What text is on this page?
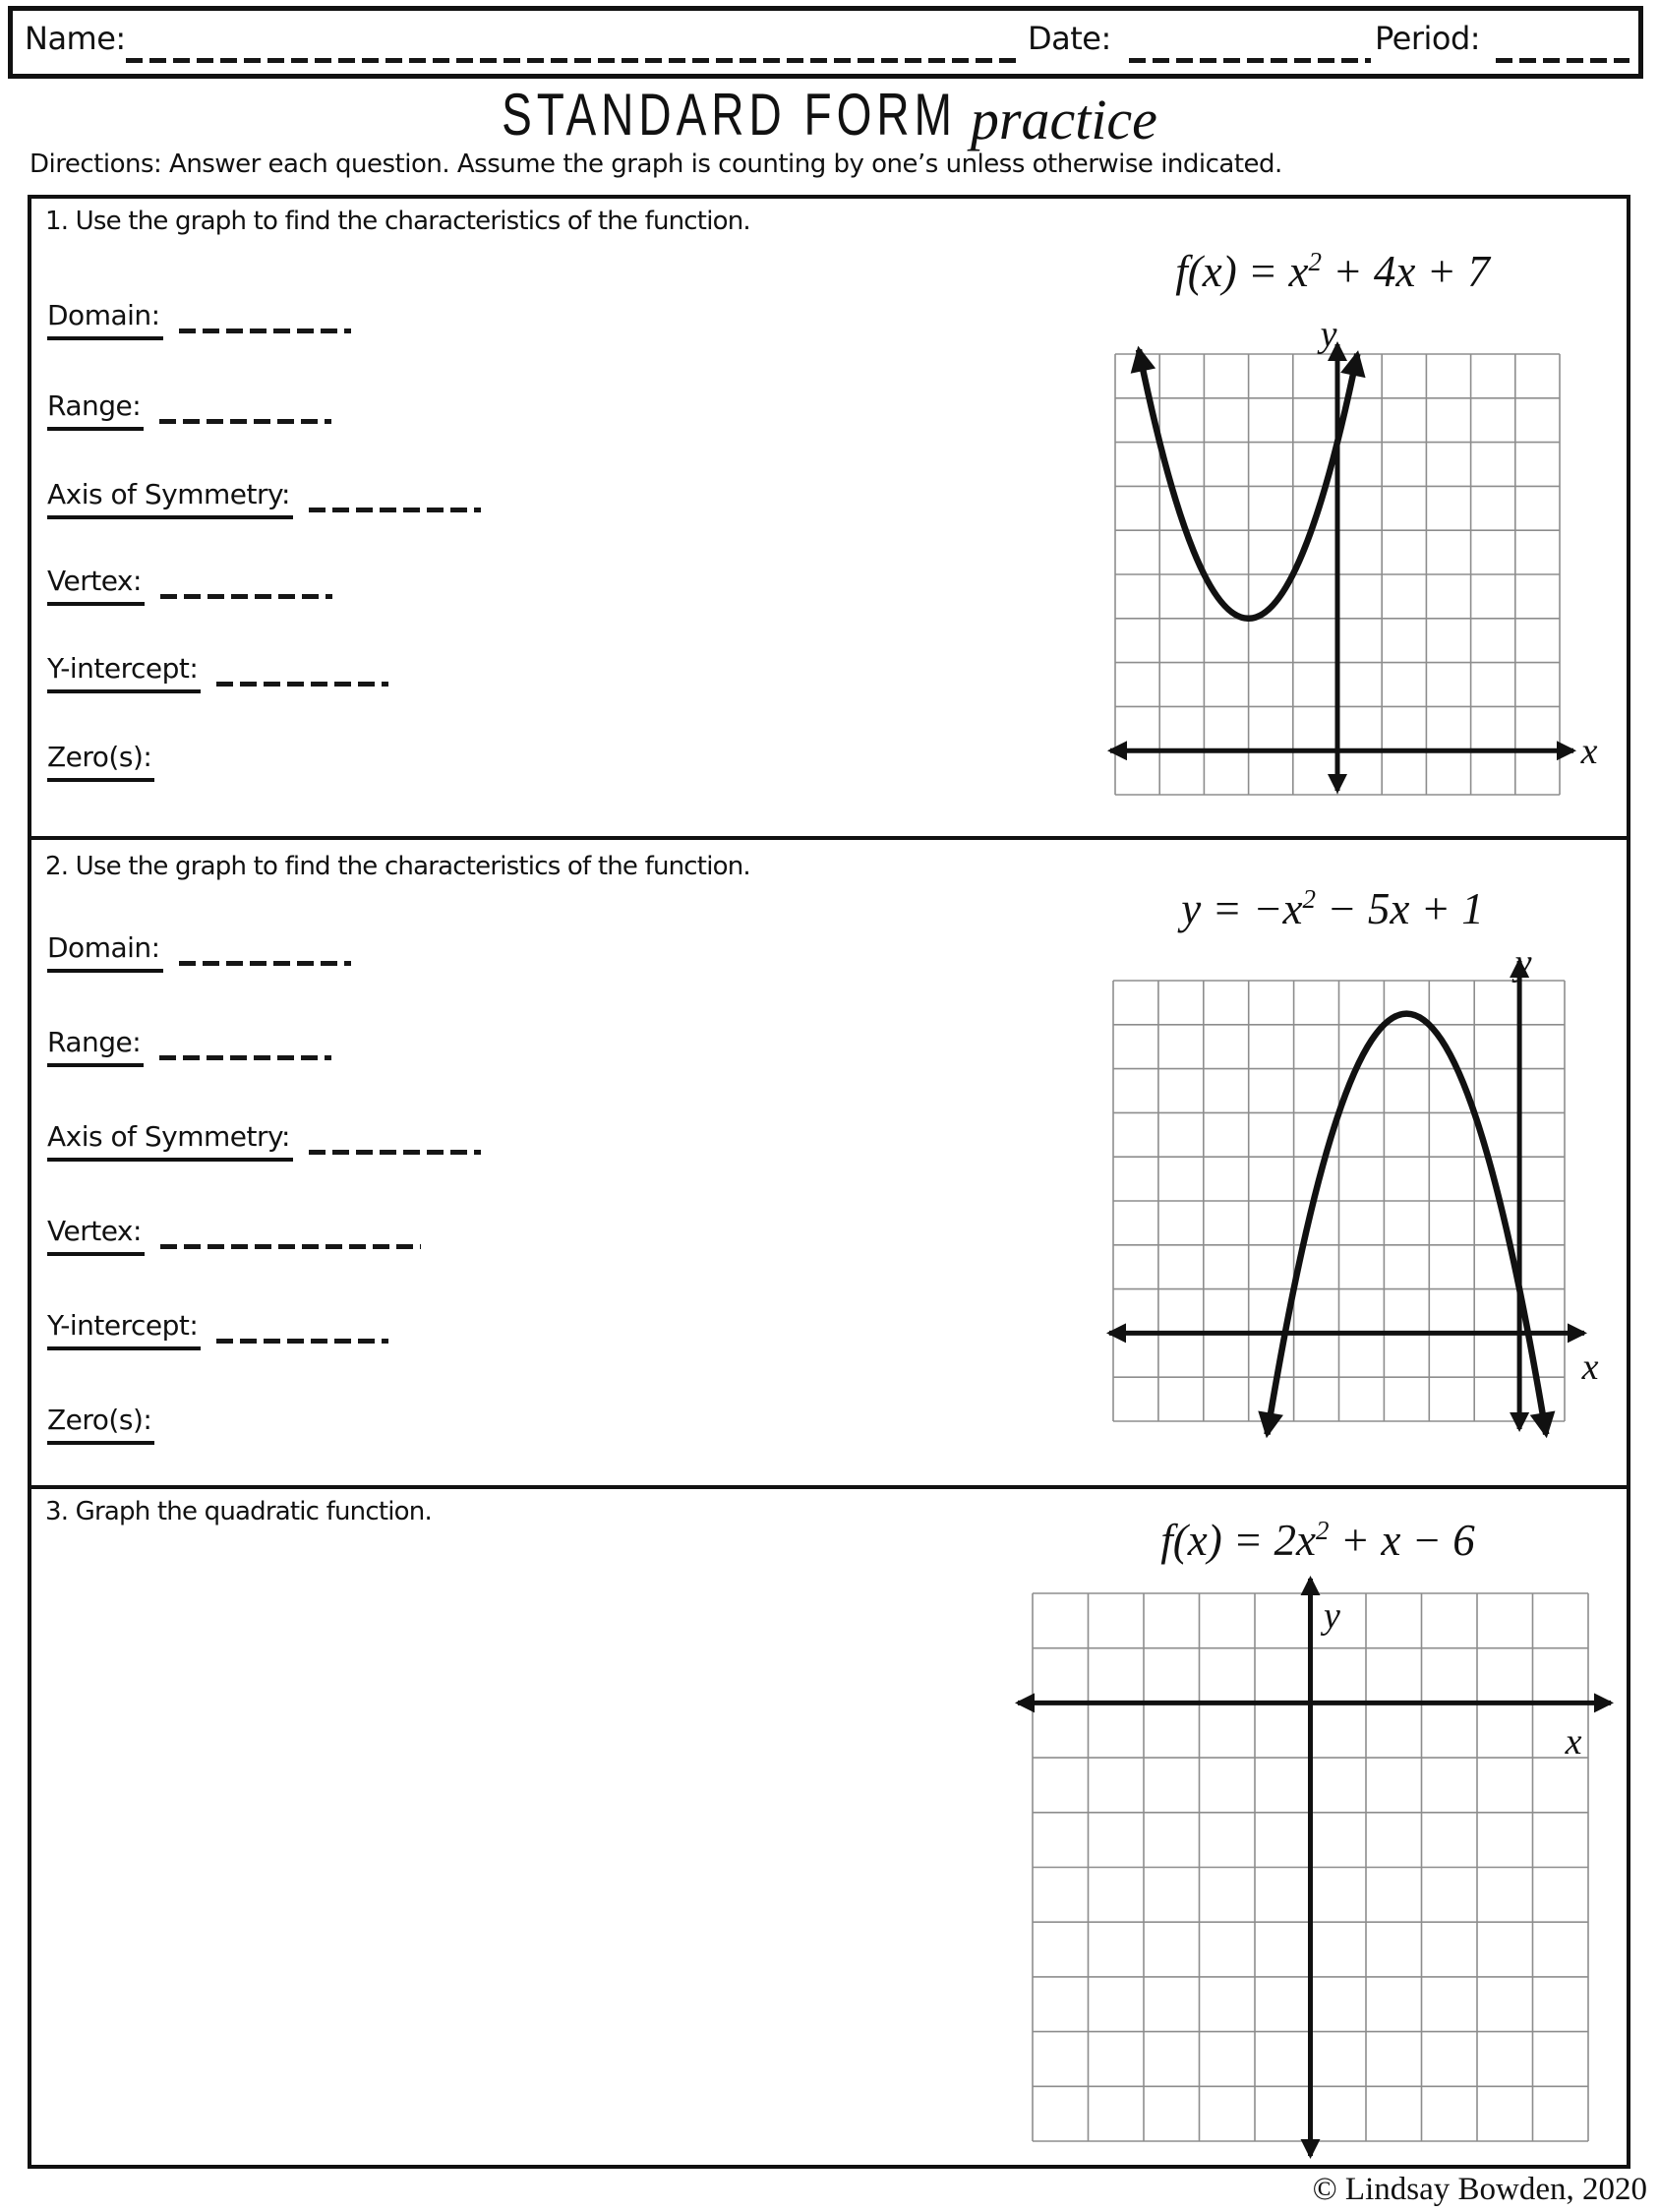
Name:	Date:	Period:
STANDARD FORM practice
Directions: Answer each question. Assume the graph is counting by one’s unless otherwise indicated.
1. Use the graph to find the characteristics of the function.
2. Use the graph to find the characteristics of the function.
3. Graph the quadratic function.
$f(x) = x^2 + 4x + 7$
$y = -x^2 - 5x + 1$
$f(x) = 2x^2 + x - 6$
x
y
x
y
x
y
© Lindsay Bowden, 2020
Domain:
Range:
Axis of Symmetry:
Vertex:
Y-intercept:
Zero(s):
Domain:
Range:
Axis of Symmetry:
Vertex:
Y-intercept:
Zero(s):
